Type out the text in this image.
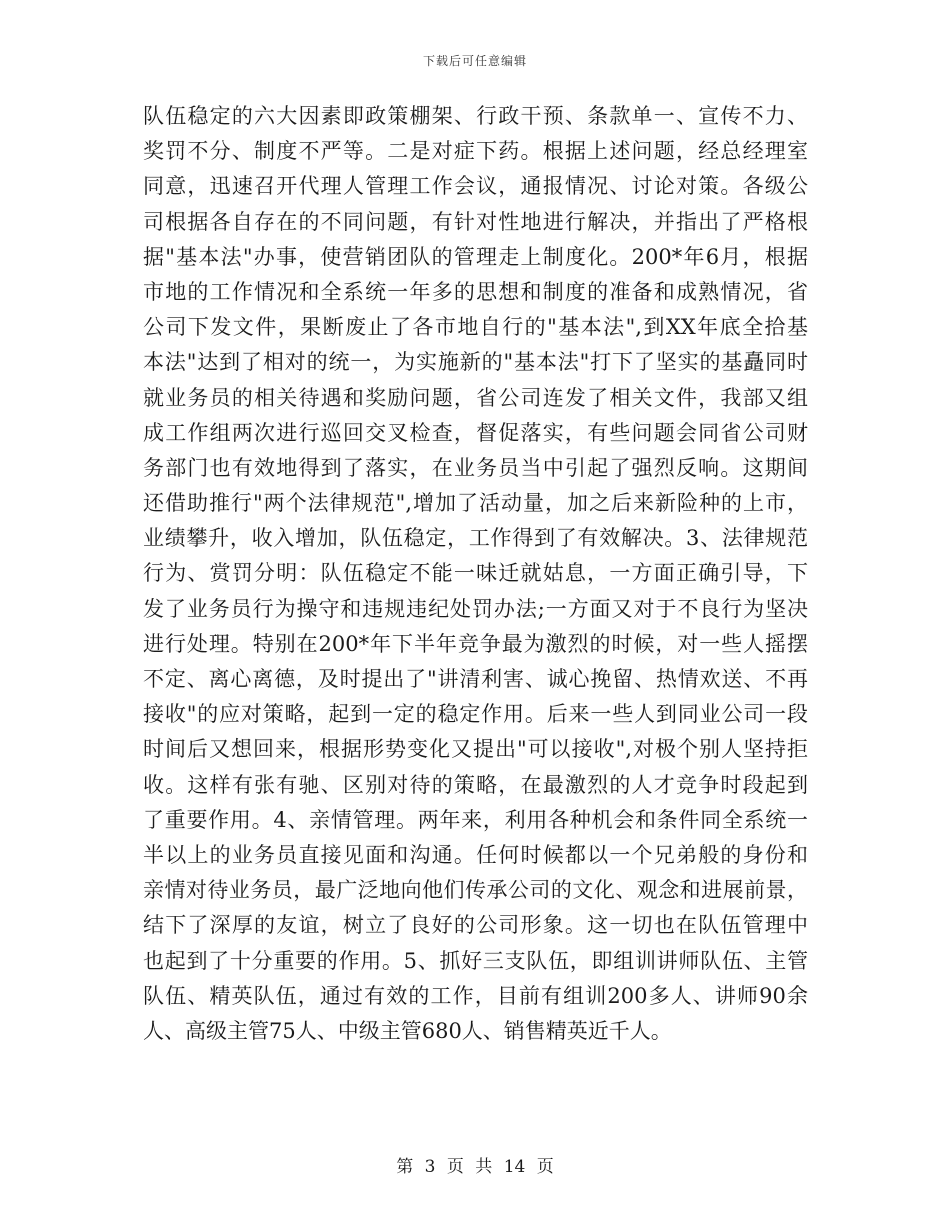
下载后可任意编辑
队伍稳定的六大因素即政策棚架、行政干预、条款单一、宣传不力、
奖罚不分、制度不严等。二是对症下药。根据上述问题，经总经理室
同意，迅速召开代理人管理工作会议，通报情况、讨论对策。各级公
司根据各自存在的不同问题，有针对性地进行解决，并指出了严格根
据"基本法"办事，使营销团队的管理走上制度化。200*年6月，根据
市地的工作情况和全系统一年多的思想和制度的准备和成熟情况，省
公司下发文件，果断废止了各市地自行的"基本法",到XX年底全拾基
本法"达到了相对的统一，为实施新的"基本法"打下了坚实的基矗同时
就业务员的相关待遇和奖励问题，省公司连发了相关文件，我部又组
成工作组两次进行巡回交叉检查，督促落实，有些问题会同省公司财
务部门也有效地得到了落实，在业务员当中引起了强烈反响。这期间
还借助推行"两个法律规范",增加了活动量，加之后来新险种的上市，
业绩攀升，收入增加，队伍稳定，工作得到了有效解决。3、法律规范
行为、赏罚分明：队伍稳定不能一味迁就姑息，一方面正确引导，下
发了业务员行为操守和违规违纪处罚办法;一方面又对于不良行为坚决
进行处理。特别在200*年下半年竞争最为激烈的时候，对一些人摇摆
不定、离心离德，及时提出了"讲清利害、诚心挽留、热情欢送、不再
接收"的应对策略，起到一定的稳定作用。后来一些人到同业公司一段
时间后又想回来，根据形势变化又提出"可以接收",对极个别人坚持拒
收。这样有张有驰、区别对待的策略，在最激烈的人才竞争时段起到
了重要作用。4、亲情管理。两年来，利用各种机会和条件同全系统一
半以上的业务员直接见面和沟通。任何时候都以一个兄弟般的身份和
亲情对待业务员，最广泛地向他们传承公司的文化、观念和进展前景，
结下了深厚的友谊，树立了良好的公司形象。这一切也在队伍管理中
也起到了十分重要的作用。5、抓好三支队伍，即组训讲师队伍、主管
队伍、精英队伍，通过有效的工作，目前有组训200多人、讲师90余
人、高级主管75人、中级主管680人、销售精英近千人。
第 3 页 共 14 页
